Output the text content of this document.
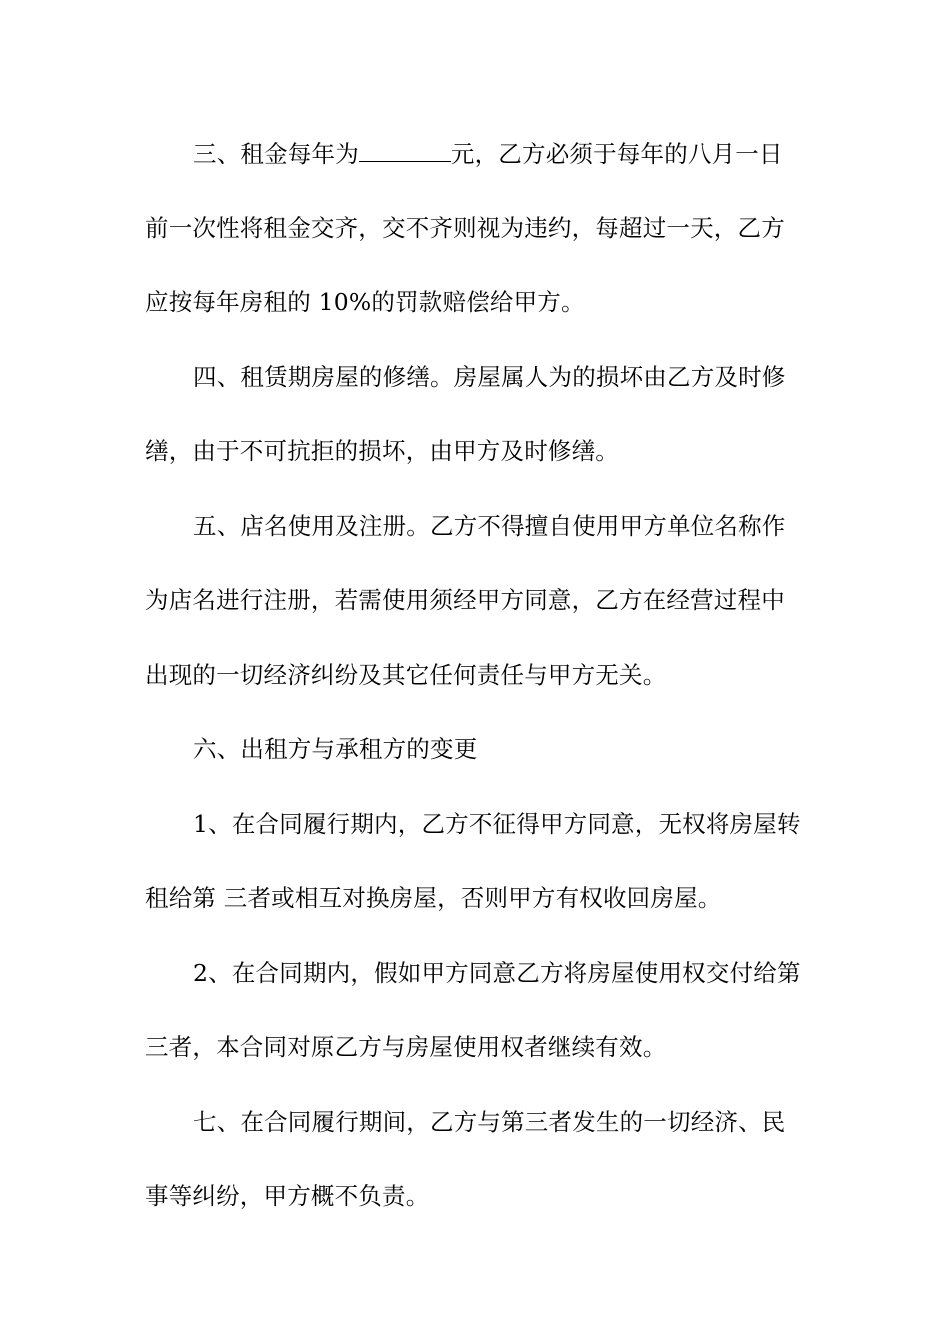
三、租金每年为	元，乙方必须于每年的八月一日
前一次性将租金交齐，交不齐则视为违约，每超过一天，乙方
应按每年房租的 10%的罚款赔偿给甲方。
四、租赁期房屋的修缮。房屋属人为的损坏由乙方及时修
缮，由于不可抗拒的损坏，由甲方及时修缮。
五、店名使用及注册。乙方不得擅自使用甲方单位名称作
为店名进行注册，若需使用须经甲方同意，乙方在经营过程中
出现的一切经济纠纷及其它任何责任与甲方无关。
六、出租方与承租方的变更
1、在合同履行期内，乙方不征得甲方同意，无权将房屋转
租给第 三者或相互对换房屋，否则甲方有权收回房屋。
2、在合同期内，假如甲方同意乙方将房屋使用权交付给第
三者，本合同对原乙方与房屋使用权者继续有效。
七、在合同履行期间，乙方与第三者发生的一切经济、民
事等纠纷，甲方概不负责。
